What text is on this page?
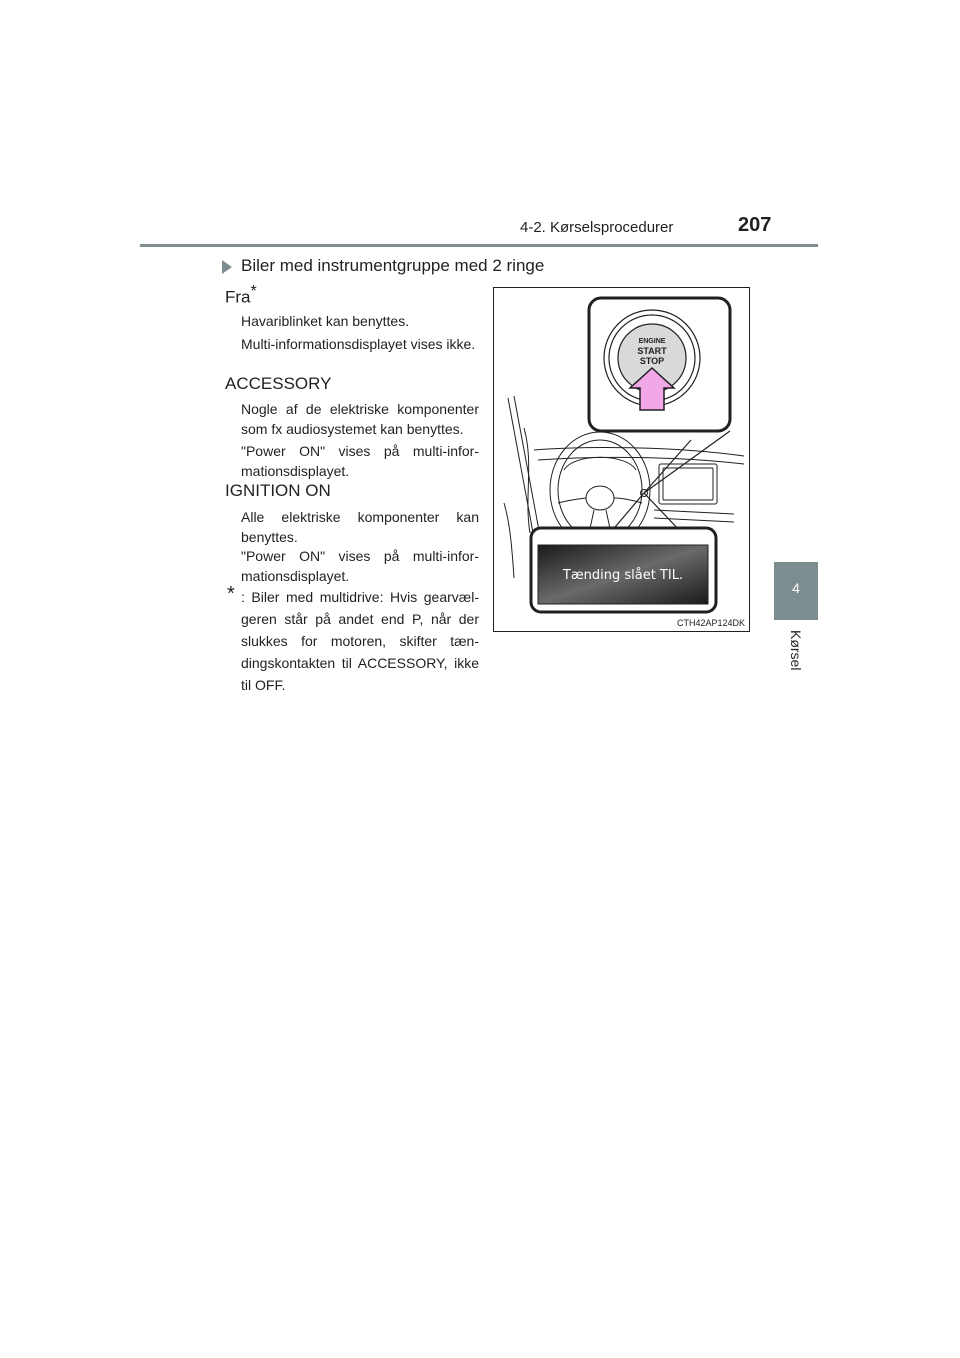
4-2. Kørselsprocedurer	207
4
Kørsel
Biler med instrumentgruppe med 2 ringe
Fra*
Havariblinket kan benyttes.
Multi-informationsdisplayet vises ikke.
ACCESSORY
Nogle af de elektriske komponenter som fx audiosystemet kan benyttes.
"Power ON" vises på multi-infor-mationsdisplayet.
IGNITION ON
Alle elektriske komponenter kan benyttes.
"Power ON" vises på multi-infor-mationsdisplayet.
* : Biler med multidrive: Hvis gearvæl-geren står på andet end P, når der slukkes for motoren, skifter tæn-dingskontakten til ACCESSORY, ikke til OFF.
ENGINE
START
STOP
Tænding slået TIL.
CTH42AP124DK
